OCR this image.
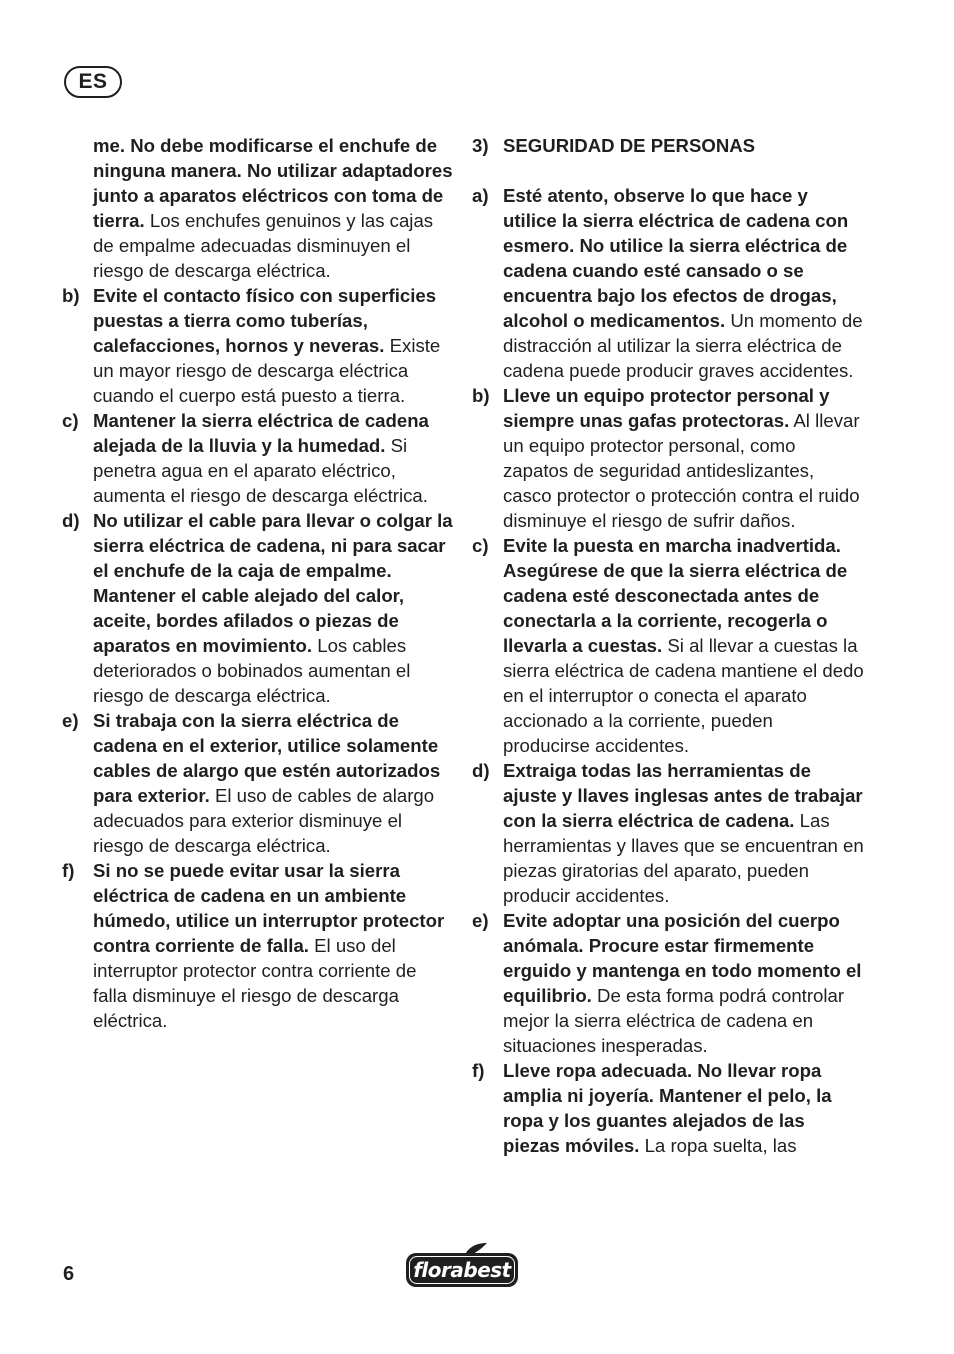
ES
me. No debe modificarse el enchufe de ninguna manera. No utilizar adaptadores junto a aparatos eléctricos con toma de tierra. Los enchufes genuinos y las cajas de empalme adecuadas disminuyen el riesgo de descarga eléctrica.
b) Evite el contacto físico con superficies puestas a tierra como tuberías, calefacciones, hornos y neveras. Existe un mayor riesgo de descarga eléctrica cuando el cuerpo está puesto a tierra.
c) Mantener la sierra eléctrica de cadena alejada de la lluvia y la humedad. Si penetra agua en el aparato eléctrico, aumenta el riesgo de descarga eléctrica.
d) No utilizar el cable para llevar o colgar la sierra eléctrica de cadena, ni para sacar el enchufe de la caja de empalme. Mantener el cable alejado del calor, aceite, bordes afilados o piezas de aparatos en movimiento. Los cables deteriorados o bobinados aumentan el riesgo de descarga eléctrica.
e) Si trabaja con la sierra eléctrica de cadena en el exterior, utilice solamente cables de alargo que estén autorizados para exterior. El uso de cables de alargo adecuados para exterior disminuye el riesgo de descarga eléctrica.
f) Si no se puede evitar usar la sierra eléctrica de cadena en un ambiente húmedo, utilice un interruptor protector contra corriente de falla. El uso del interruptor protector contra corriente de falla disminuye el riesgo de descarga eléctrica.
3) SEGURIDAD DE PERSONAS
a) Esté atento, observe lo que hace y utilice la sierra eléctrica de cadena con esmero. No utilice la sierra eléctrica de cadena cuando esté cansado o se encuentra bajo los efectos de drogas, alcohol o medicamentos. Un momento de distracción al utilizar la sierra eléctrica de cadena puede producir graves accidentes.
b) Lleve un equipo protector personal y siempre unas gafas protectoras. Al llevar un equipo protector personal, como zapatos de seguridad antideslizantes, casco protector o protección contra el ruido disminuye el riesgo de sufrir daños.
c) Evite la puesta en marcha inadvertida. Asegúrese de que la sierra eléctrica de cadena esté desconectada antes de conectarla a la corriente, recogerla o llevarla a cuestas. Si al llevar a cuestas la sierra eléctrica de cadena mantiene el dedo en el interruptor o conecta el aparato accionado a la corriente, pueden producirse accidentes.
d) Extraiga todas las herramientas de ajuste y llaves inglesas antes de trabajar con la sierra eléctrica de cadena. Las herramientas y llaves que se encuentran en piezas giratorias del aparato, pueden producir accidentes.
e) Evite adoptar una posición del cuerpo anómala. Procure estar firmemente erguido y mantenga en todo momento el equilibrio. De esta forma podrá controlar mejor la sierra eléctrica de cadena en situaciones inesperadas.
f) Lleve ropa adecuada. No llevar ropa amplia ni joyería. Mantener el pelo, la ropa y los guantes alejados de las piezas móviles. La ropa suelta, las
6	florabest
